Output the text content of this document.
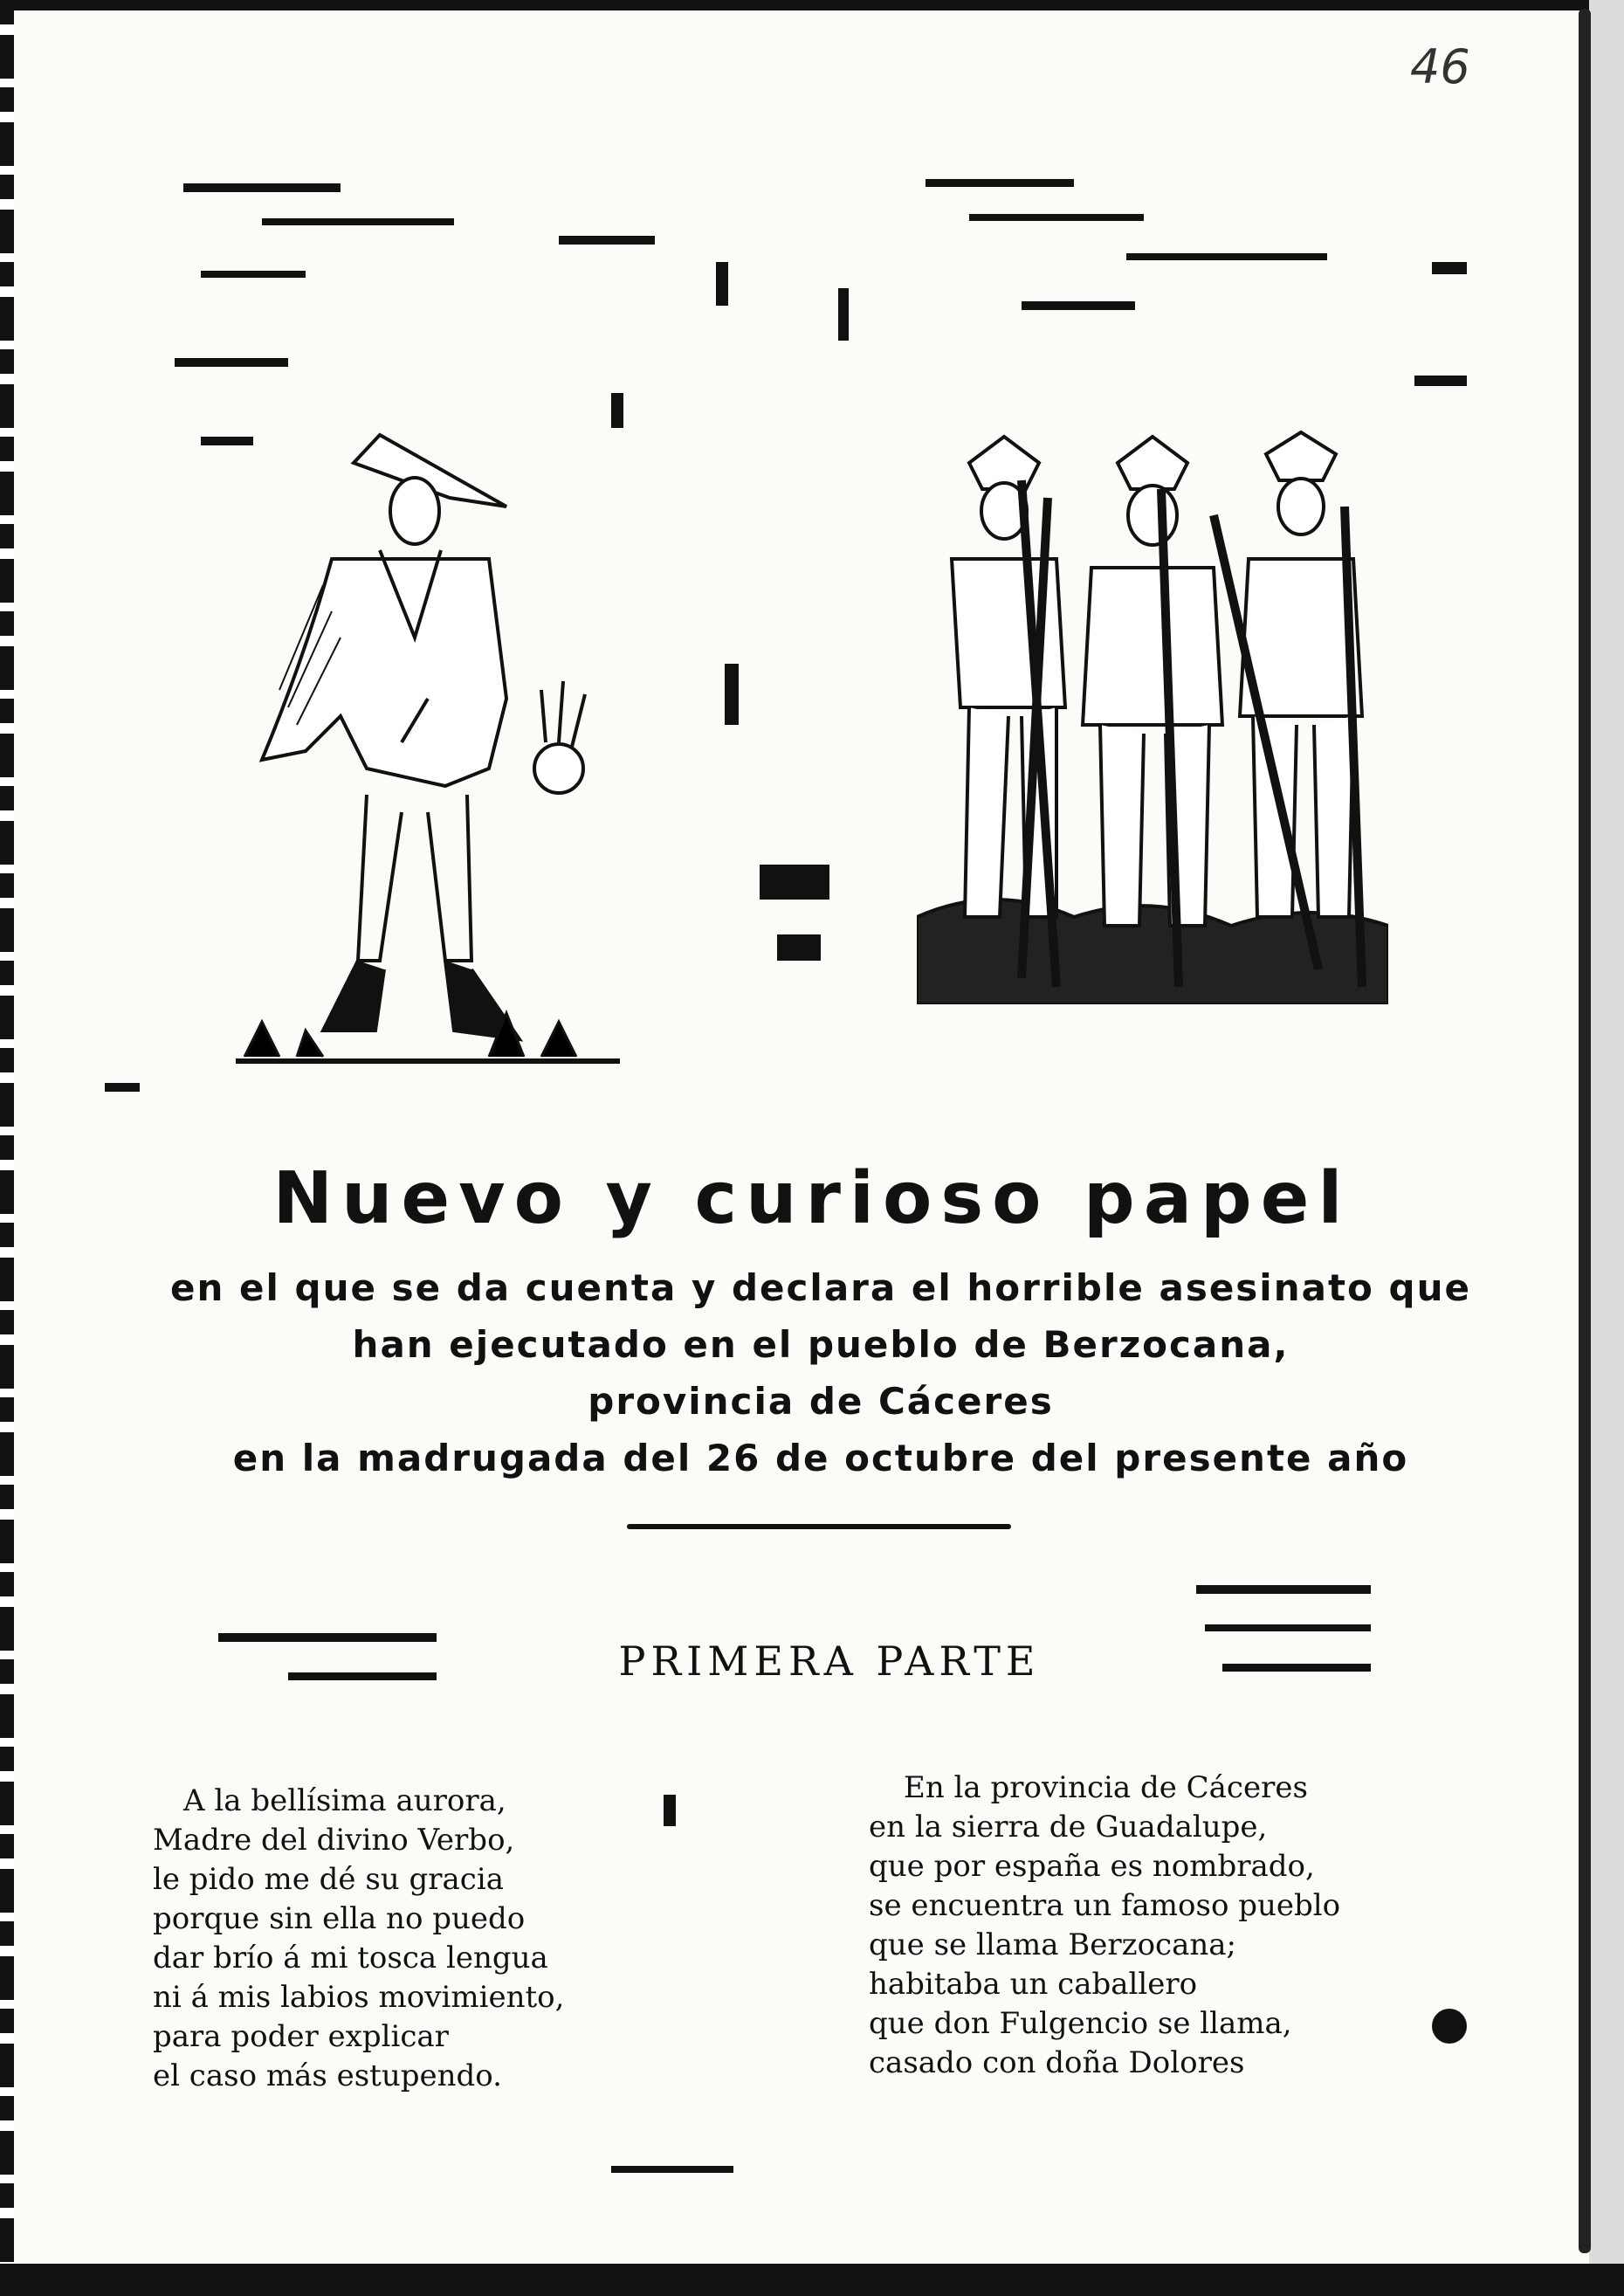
46
Nuevo y curioso papel
en el que se da cuenta y declara el horrible asesinato que
han ejecutado en el pueblo de Berzocana,
provincia de Cáceres
en la madrugada del 26 de octubre del presente año
PRIMERA PARTE
A la bellísima aurora,
Madre del divino Verbo,
le pido me dé su gracia
porque sin ella no puedo
dar brío á mi tosca lengua
ni á mis labios movimiento,
para poder explicar
el caso más estupendo.
En la provincia de Cáceres
en la sierra de Guadalupe,
que por españa es nombrado,
se encuentra un famoso pueblo
que se llama Berzocana;
habitaba un caballero
que don Fulgencio se llama,
casado con doña Dolores
